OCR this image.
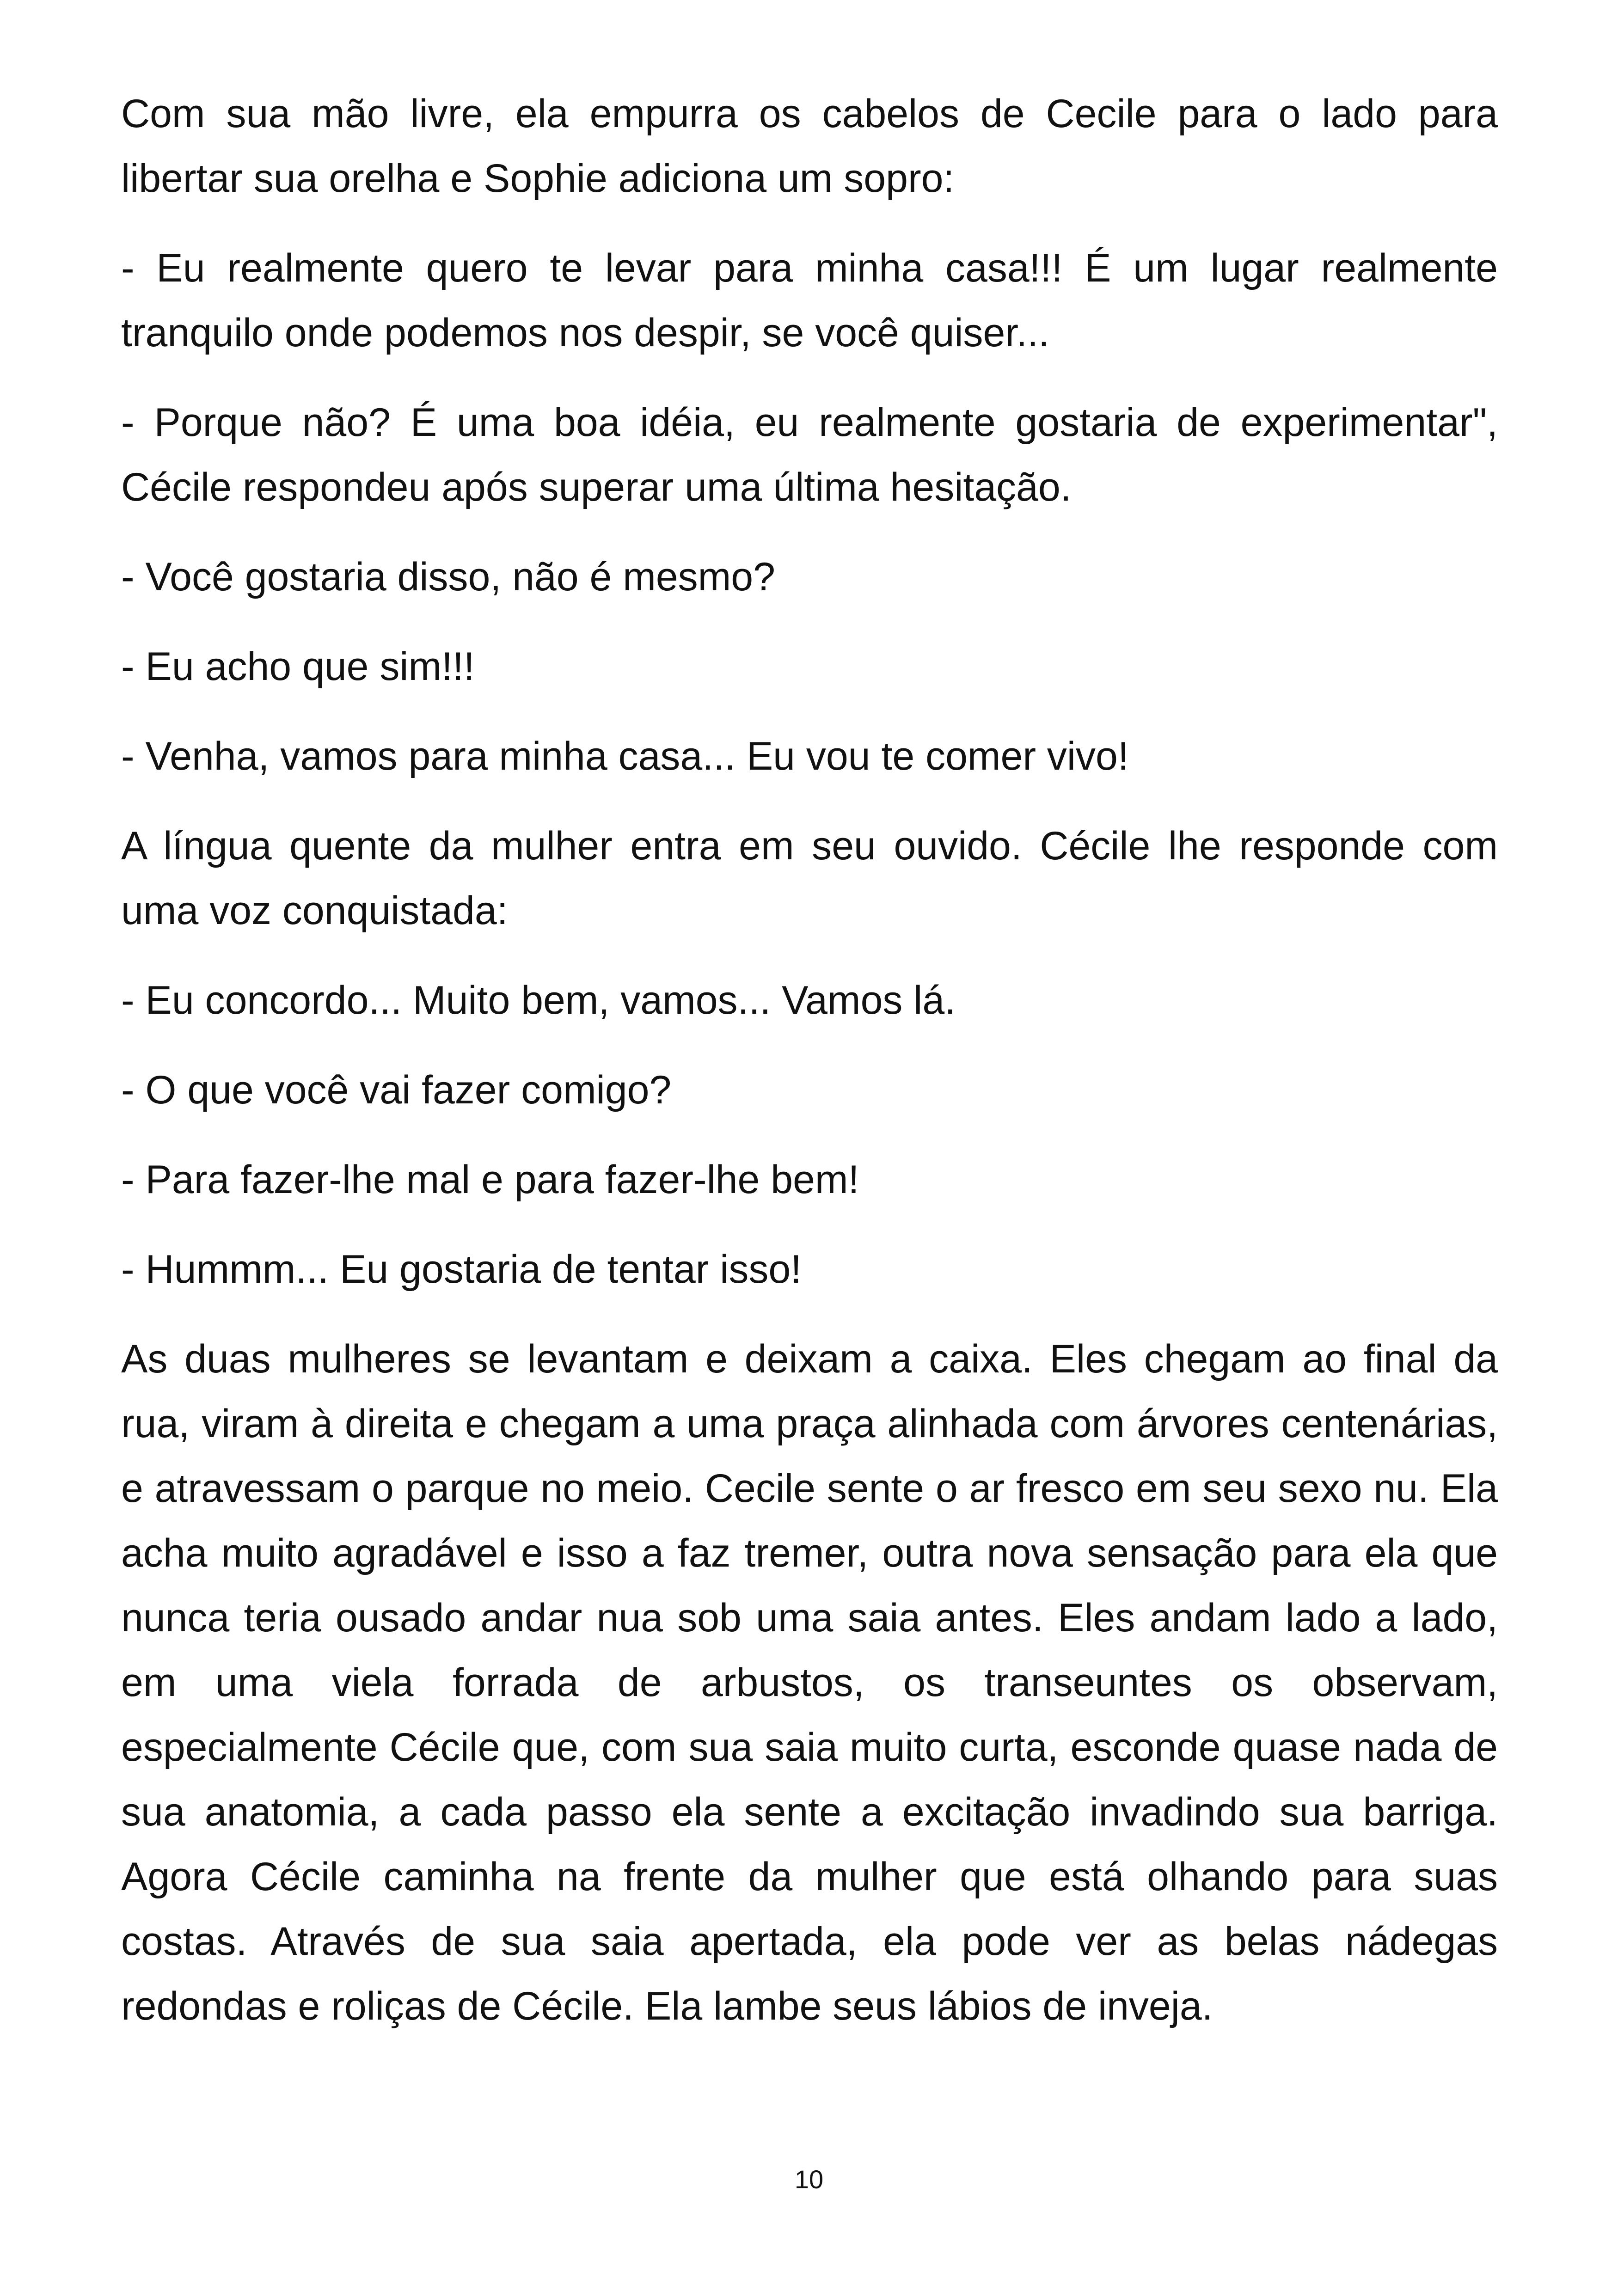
Com sua mão livre, ela empurra os cabelos de Cecile para o lado para libertar sua orelha e Sophie adiciona um sopro:

- Eu realmente quero te levar para minha casa!!! É um lugar realmente tranquilo onde podemos nos despir, se você quiser...

- Porque não? É uma boa idéia, eu realmente gostaria de experimentar", Cécile respondeu após superar uma última hesitação.

- Você gostaria disso, não é mesmo?

- Eu acho que sim!!!

- Venha, vamos para minha casa... Eu vou te comer vivo!

A língua quente da mulher entra em seu ouvido. Cécile lhe responde com uma voz conquistada:

- Eu concordo... Muito bem, vamos... Vamos lá.

- O que você vai fazer comigo?

- Para fazer-lhe mal e para fazer-lhe bem!

- Hummm... Eu gostaria de tentar isso!

As duas mulheres se levantam e deixam a caixa. Eles chegam ao final da rua, viram à direita e chegam a uma praça alinhada com árvores centenárias, e atravessam o parque no meio. Cecile sente o ar fresco em seu sexo nu. Ela acha muito agradável e isso a faz tremer, outra nova sensação para ela que nunca teria ousado andar nua sob uma saia antes. Eles andam lado a lado, em uma viela forrada de arbustos, os transeuntes os observam, especialmente Cécile que, com sua saia muito curta, esconde quase nada de sua anatomia, a cada passo ela sente a excitação invadindo sua barriga. Agora Cécile caminha na frente da mulher que está olhando para suas costas. Através de sua saia apertada, ela pode ver as belas nádegas redondas e roliças de Cécile. Ela lambe seus lábios de inveja.

10
